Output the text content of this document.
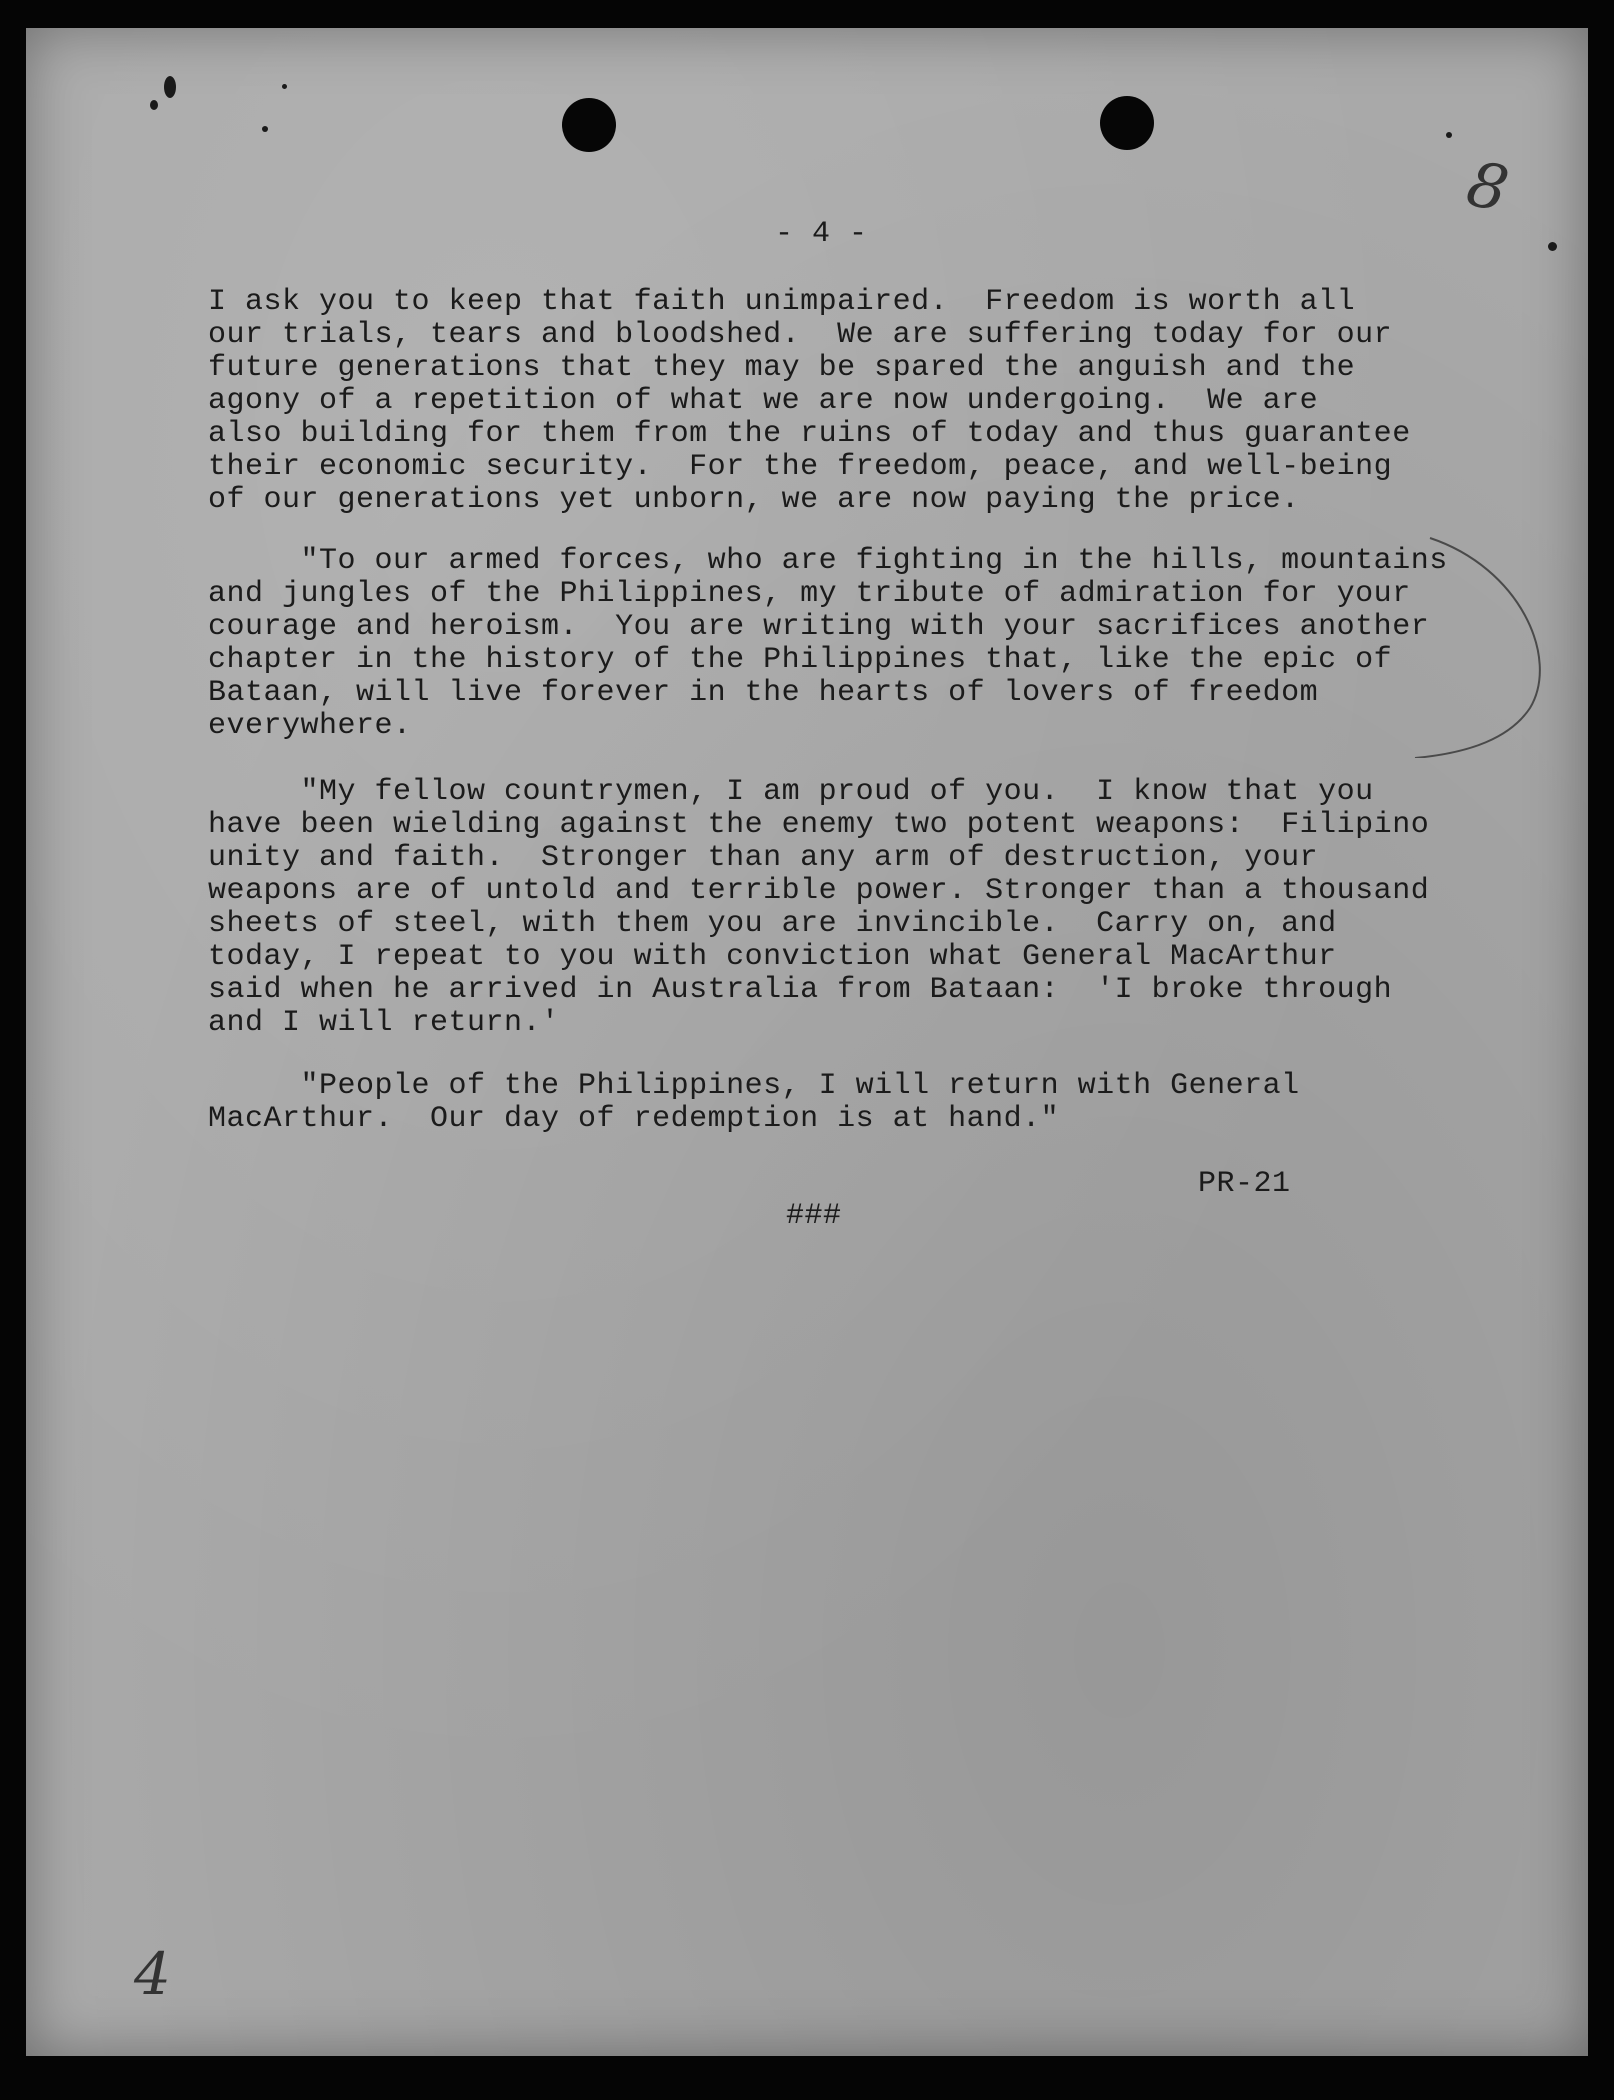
- 4 -

I ask you to keep that faith unimpaired.  Freedom is worth all
our trials, tears and bloodshed.  We are suffering today for our
future generations that they may be spared the anguish and the
agony of a repetition of what we are now undergoing.  We are
also building for them from the ruins of today and thus guarantee
their economic security.  For the freedom, peace, and well-being
of our generations yet unborn, we are now paying the price.

"To our armed forces, who are fighting in the hills, mountains
and jungles of the Philippines, my tribute of admiration for your
courage and heroism.  You are writing with your sacrifices another
chapter in the history of the Philippines that, like the epic of
Bataan, will live forever in the hearts of lovers of freedom
everywhere.

"My fellow countrymen, I am proud of you.  I know that you
have been wielding against the enemy two potent weapons:  Filipino
unity and faith.  Stronger than any arm of destruction, your
weapons are of untold and terrible power. Stronger than a thousand
sheets of steel, with them you are invincible.  Carry on, and
today, I repeat to you with conviction what General MacArthur
said when he arrived in Australia from Bataan:  'I broke through
and I will return.'

"People of the Philippines, I will return with General
MacArthur.  Our day of redemption is at hand."

PR-21
###
8
4
